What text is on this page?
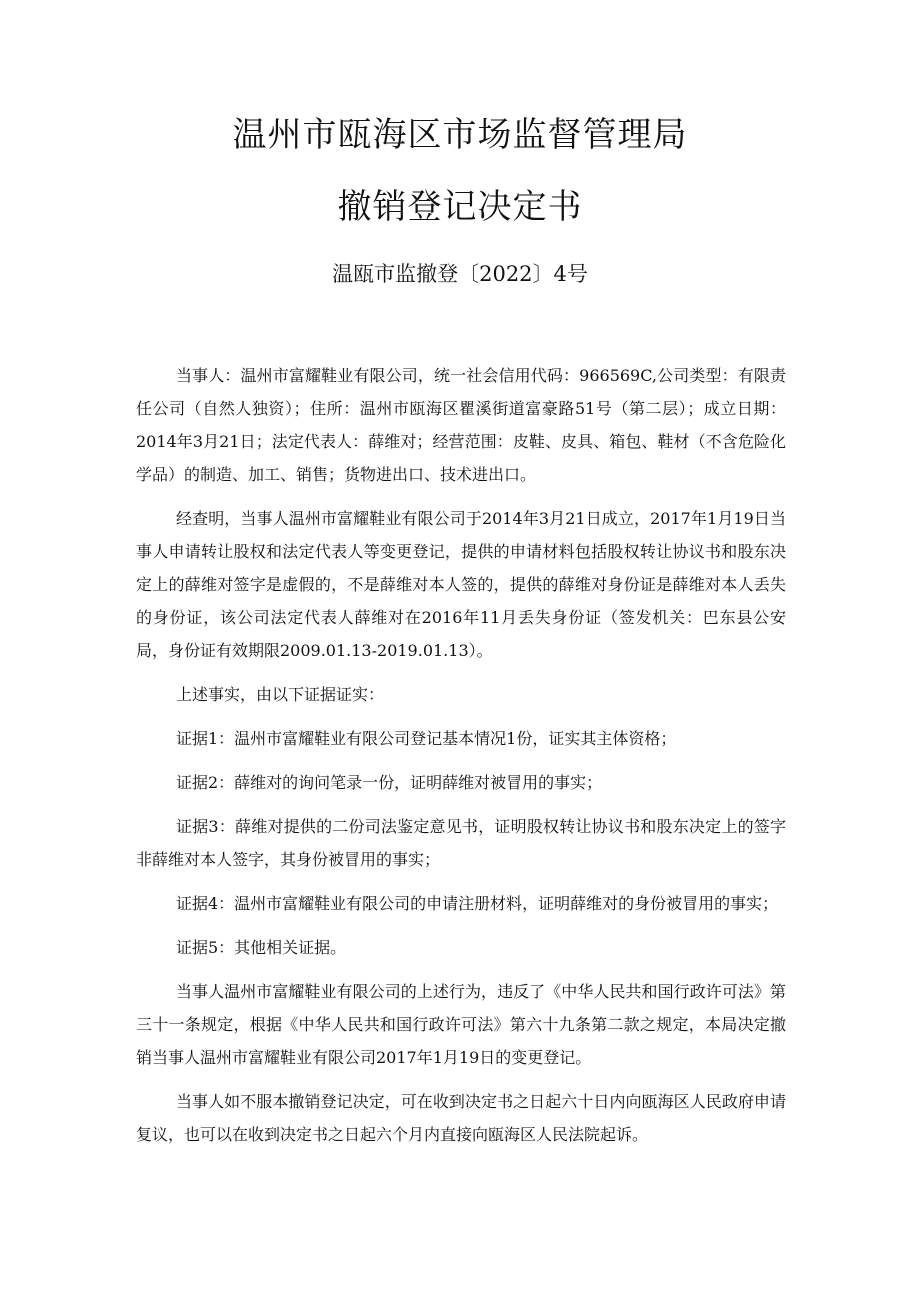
温州市瓯海区市场监督管理局
撤销登记决定书
温瓯市监撤登〔2022〕4号

当事人：温州市富耀鞋业有限公司，统一社会信用代码：966569C,公司类型：有限责任公司（自然人独资）；住所：温州市瓯海区瞿溪街道富豪路51号（第二层）；成立日期：2014年3月21日；法定代表人：薛维对；经营范围：皮鞋、皮具、箱包、鞋材（不含危险化学品）的制造、加工、销售；货物进出口、技术进出口。

经查明，当事人温州市富耀鞋业有限公司于2014年3月21日成立，2017年1月19日当事人申请转让股权和法定代表人等变更登记，提供的申请材料包括股权转让协议书和股东决定上的薛维对签字是虚假的，不是薛维对本人签的，提供的薛维对身份证是薛维对本人丢失的身份证，该公司法定代表人薛维对在2016年11月丢失身份证（签发机关：巴东县公安局，身份证有效期限2009.01.13-2019.01.13）。

上述事实，由以下证据证实：

证据1：温州市富耀鞋业有限公司登记基本情况1份，证实其主体资格；

证据2：薛维对的询问笔录一份，证明薛维对被冒用的事实；

证据3：薛维对提供的二份司法鉴定意见书，证明股权转让协议书和股东决定上的签字非薛维对本人签字，其身份被冒用的事实；

证据4：温州市富耀鞋业有限公司的申请注册材料，证明薛维对的身份被冒用的事实；

证据5：其他相关证据。

当事人温州市富耀鞋业有限公司的上述行为，违反了《中华人民共和国行政许可法》第三十一条规定，根据《中华人民共和国行政许可法》第六十九条第二款之规定，本局决定撤销当事人温州市富耀鞋业有限公司2017年1月19日的变更登记。

当事人如不服本撤销登记决定，可在收到决定书之日起六十日内向瓯海区人民政府申请复议，也可以在收到决定书之日起六个月内直接向瓯海区人民法院起诉。
